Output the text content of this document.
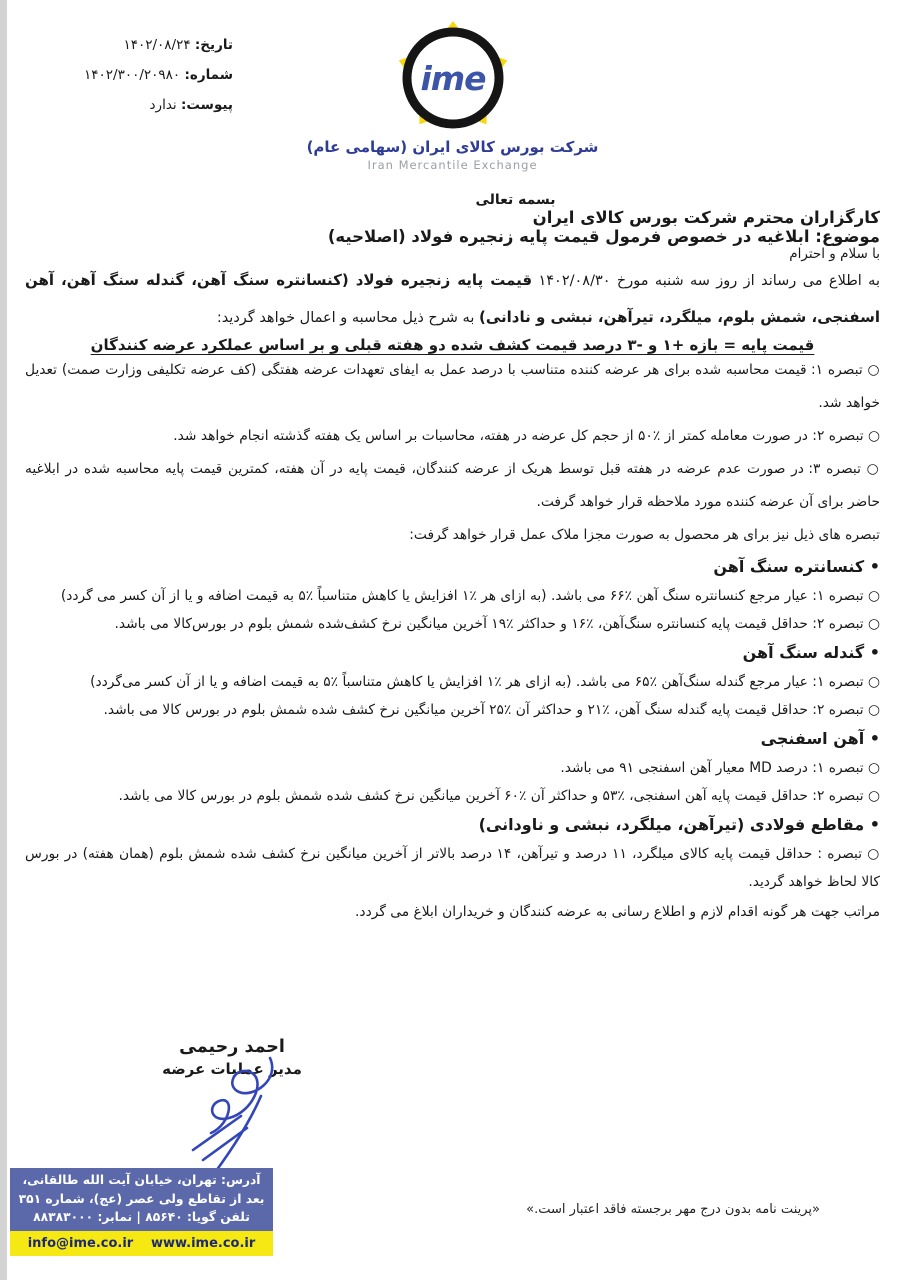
تاریخ: ۱۴۰۲/۰۸/۲۴
شماره: ۱۴۰۲/۳۰۰/۲۰۹۸۰
پیوست: ندارد
ime
شرکت بورس کالای ایران (سهامی عام)
Iran Mercantile Exchange

بسمه تعالی

کارگزاران محترم شرکت بورس کالای ایران

موضوع: ابلاغیه در خصوص فرمول قیمت پایه زنجیره فولاد (اصلاحیه)

با سلام و احترام

به اطلاع می رساند از روز سه شنبه مورخ ۱۴۰۲/۰۸/۳۰ قیمت پایه زنجیره فولاد (کنسانتره سنگ آهن، گندله سنگ آهن، آهن اسفنجی، شمش بلوم، میلگرد، تیرآهن، نبشی و نادانی) به شرح ذیل محاسبه و اعمال خواهد گردید:

قیمت پایه = بازه +۱ و -۳ درصد قیمت کشف شده دو هفته قبلی و بر اساس عملکرد عرضه کنندگان

○ تبصره ۱: قیمت محاسبه شده برای هر عرضه کننده متناسب با درصد عمل به ایفای تعهدات عرضه هفتگی (کف عرضه تکلیفی وزارت صمت) تعدیل خواهد شد.

○ تبصره ۲: در صورت معامله کمتر از ٪۵۰ از حجم کل عرضه در هفته، محاسبات بر اساس یک هفته گذشته انجام خواهد شد.

○ تبصره ۳: در صورت عدم عرضه در هفته قبل توسط هریک از عرضه کنندگان، قیمت پایه در آن هفته، کمترین قیمت پایه محاسبه شده در ابلاغیه حاضر برای آن عرضه کننده مورد ملاحظه قرار خواهد گرفت.

تبصره های ذیل نیز برای هر محصول به صورت مجزا ملاک عمل قرار خواهد گرفت:

• کنسانتره سنگ آهن

○ تبصره ۱: عیار مرجع کنسانتره سنگ آهن ٪۶۶ می باشد. (به ازای هر ٪۱ افزایش یا کاهش متناسباً ٪۵ به قیمت اضافه و یا از آن کسر می گردد)

○ تبصره ۲: حداقل قیمت پایه کنسانتره سنگ‌آهن، ٪۱۶ و حداکثر ٪۱۹ آخرین میانگین نرخ کشف‌شده شمش بلوم در بورس‌کالا می باشد.

• گندله سنگ آهن

○ تبصره ۱: عیار مرجع گندله سنگ‌آهن ٪۶۵ می باشد. (به ازای هر ٪۱ افزایش یا کاهش متناسباً ٪۵ به قیمت اضافه و یا از آن کسر می‌گردد)

○ تبصره ۲: حداقل قیمت پایه گندله سنگ آهن، ٪۲۱ و حداکثر آن ٪۲۵ آخرین میانگین نرخ کشف شده شمش بلوم در بورس کالا می باشد.

• آهن اسفنجی

○ تبصره ۱: درصد MD معیار آهن اسفنجی ۹۱ می باشد.

○ تبصره ۲: حداقل قیمت پایه آهن اسفنجی، ٪۵۳ و حداکثر آن ٪۶۰ آخرین میانگین نرخ کشف شده شمش بلوم در بورس کالا می باشد.

• مقاطع فولادی (تیرآهن، میلگرد، نبشی و ناودانی)

○ تبصره : حداقل قیمت پایه کالای میلگرد، ۱۱ درصد و تیرآهن، ۱۴ درصد بالاتر از آخرین میانگین نرخ کشف شده شمش بلوم (همان هفته) در بورس کالا لحاظ خواهد گردید.

مراتب جهت هر گونه اقدام لازم و اطلاع رسانی به عرضه کنندگان و خریداران ابلاغ می گردد.

احمد رحیمی
مدیر عملیات عرضه
آدرس: تهران، خیابان آیت الله طالقانی،
بعد از تقاطع ولی عصر (عج)، شماره ۳۵۱
تلفن گویا: ۸۵۶۴۰ | نمابر: ۸۸۳۸۳۰۰۰
info@ime.co.ir www.ime.co.ir
«پرینت نامه بدون درج مهر برجسته فاقد اعتبار است.»
